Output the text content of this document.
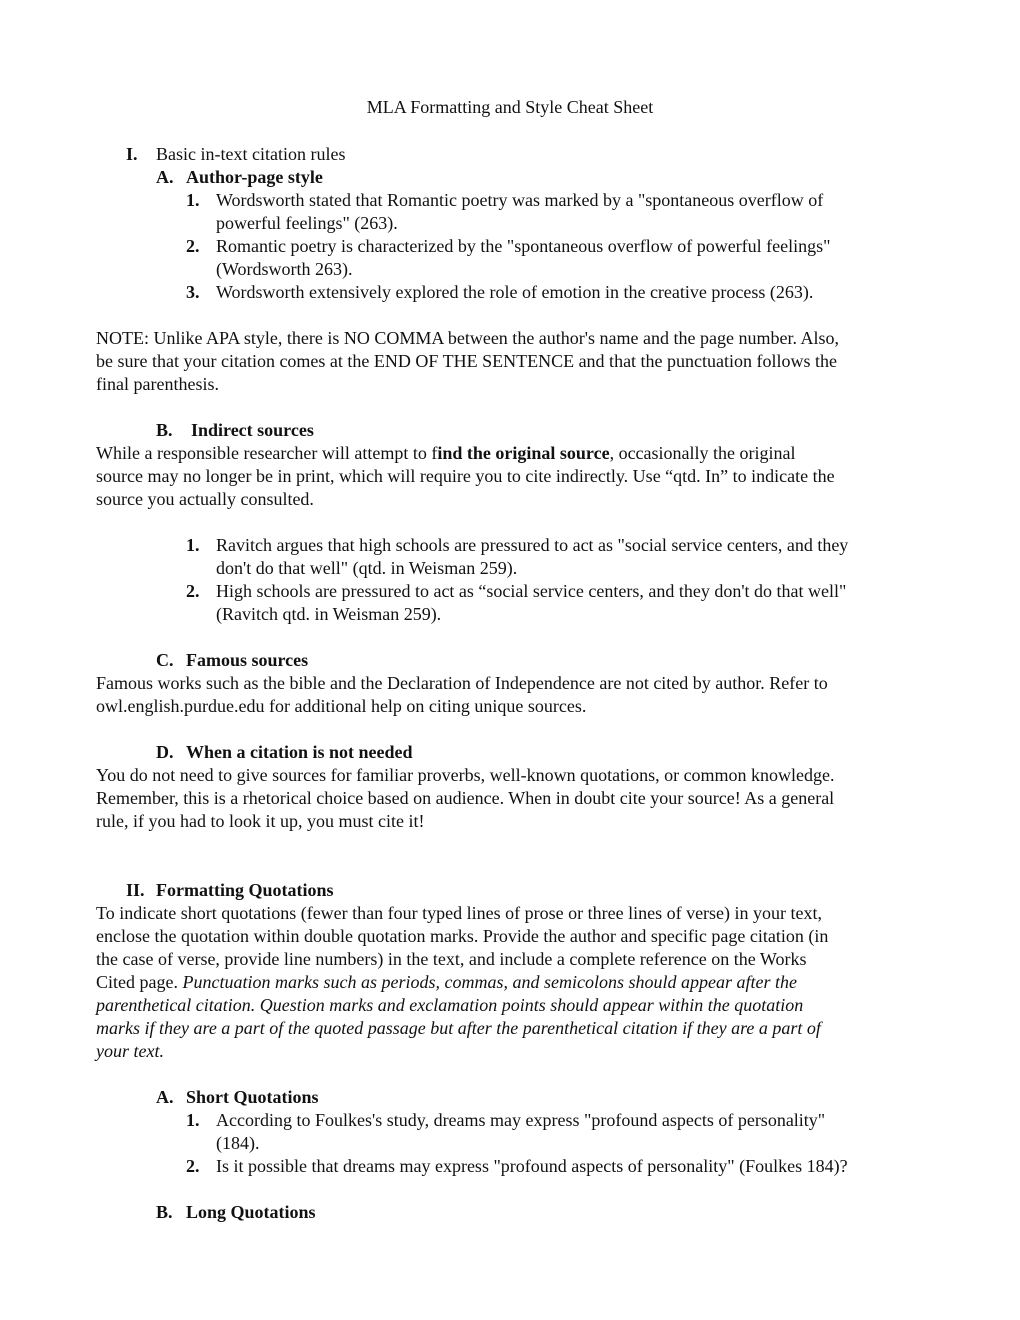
MLA Formatting and Style Cheat Sheet
I. Basic in-text citation rules
A. Author-page style
1. Wordsworth stated that Romantic poetry was marked by a "spontaneous overflow of
powerful feelings" (263).
2. Romantic poetry is characterized by the "spontaneous overflow of powerful feelings"
(Wordsworth 263).
3. Wordsworth extensively explored the role of emotion in the creative process (263).
NOTE: Unlike APA style, there is NO COMMA between the author's name and the page number. Also,
be sure that your citation comes at the END OF THE SENTENCE and that the punctuation follows the
final parenthesis.
B. Indirect sources
While a responsible researcher will attempt to find the original source, occasionally the original
source may no longer be in print, which will require you to cite indirectly. Use “qtd. In” to indicate the
source you actually consulted.
1. Ravitch argues that high schools are pressured to act as "social service centers, and they
don't do that well" (qtd. in Weisman 259).
2. High schools are pressured to act as “social service centers, and they don't do that well"
(Ravitch qtd. in Weisman 259).
C. Famous sources
Famous works such as the bible and the Declaration of Independence are not cited by author. Refer to
owl.english.purdue.edu for additional help on citing unique sources.
D. When a citation is not needed
You do not need to give sources for familiar proverbs, well-known quotations, or common knowledge.
Remember, this is a rhetorical choice based on audience. When in doubt cite your source! As a general
rule, if you had to look it up, you must cite it!
II. Formatting Quotations
To indicate short quotations (fewer than four typed lines of prose or three lines of verse) in your text,
enclose the quotation within double quotation marks. Provide the author and specific page citation (in
the case of verse, provide line numbers) in the text, and include a complete reference on the Works
Cited page. Punctuation marks such as periods, commas, and semicolons should appear after the
parenthetical citation. Question marks and exclamation points should appear within the quotation
marks if they are a part of the quoted passage but after the parenthetical citation if they are a part of
your text.
A. Short Quotations
1. According to Foulkes's study, dreams may express "profound aspects of personality"
(184).
2. Is it possible that dreams may express "profound aspects of personality" (Foulkes 184)?
B. Long Quotations
